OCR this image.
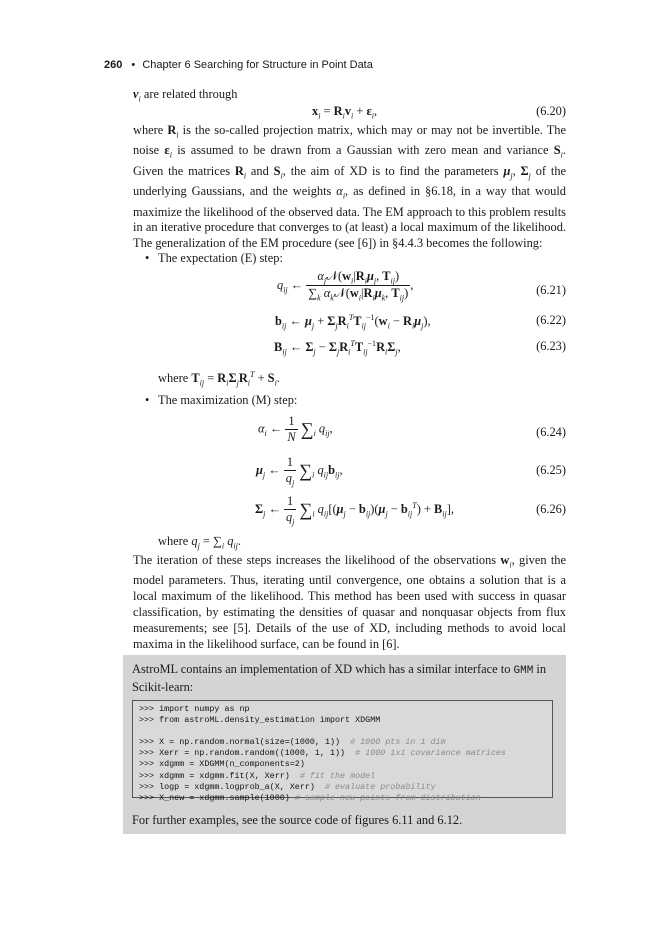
260 • Chapter 6 Searching for Structure in Point Data
$v_i$ are related through
$x_i = R_iv_i + \varepsilon_i$,	(6.20)
where $R_i$ is the so-called projection matrix, which may or may not be invertible. The noise $\varepsilon_i$ is assumed to be drawn from a Gaussian with zero mean and variance $S_i$. Given the matrices $R_i$ and $S_i$, the aim of XD is to find the parameters $\mu_j$, $\Sigma_j$ of the underlying Gaussians, and the weights $\alpha_i$, as defined in §6.18, in a way that would maximize the likelihood of the observed data. The EM approach to this problem results in an iterative procedure that converges to (at least) a local maximum of the likelihood. The generalization of the EM procedure (see [6]) in §4.4.3 becomes the following:
• The expectation (E) step:
$q_{ij}$ ← $\frac{\alpha_j𝒩(w_i|R_i\mu_j, T_{ij})}{\sum_k \alpha_k𝒩(w_i|R_i\mu_k, T_{ij})}$ ,	(6.21)
$b_{ij}$ ← $\mu_j + \Sigma_jR_i^TT_{ij}^{-1}(w_i - R_i\mu_j)$,	(6.22)
$B_{ij}$ ← $\Sigma_j - \Sigma_jR_i^TT_{ij}^{-1}R_i\Sigma_j$,	(6.23)
where $T_{ij} = R_i\Sigma_jR_i^T + S_i$.
• The maximization (M) step:
$\alpha_i$ ← $\frac{1}{N} \sum_i$ $q_{ij}$,	(6.24)
$\mu_j$ ← $\frac{1}{q_j} \sum_i$ $q_{ij}b_{ij}$,	(6.25)
$\Sigma_j$ ← $\frac{1}{q_j} \sum_i$ $q_{ij}[(\mu_j - b_{ij})(\mu_j - b_{ij}^T) + B_{ij}]$,	(6.26)
where $q_j = \sum_i$ $q_{ij}$.
The iteration of these steps increases the likelihood of the observations $w_i$, given the model parameters. Thus, iterating until convergence, one obtains a solution that is a local maximum of the likelihood. This method has been used with success in quasar classification, by estimating the densities of quasar and nonquasar objects from flux measurements; see [5]. Details of the use of XD, including methods to avoid local maxima in the likelihood surface, can be found in [6].
AstroML contains an implementation of XD which has a similar interface to GMM in Scikit-learn:
>>> import numpy as np
>>> from astroML.density_estimation import XDGMM

>>> X = np.random.normal(size=(1000, 1))  # 1000 pts in 1 dim
>>> Xerr = np.random.random((1000, 1, 1))  # 1000 1x1 covariance matrices
>>> xdgmm = XDGMM(n_components=2)
>>> xdgmm = xdgmm.fit(X, Xerr)  # fit the model
>>> logp = xdgmm.logprob_a(X, Xerr)  # evaluate probability
>>> X_new = xdgmm.sample(1000) # sample new points from distribution
For further examples, see the source code of figures 6.11 and 6.12.
